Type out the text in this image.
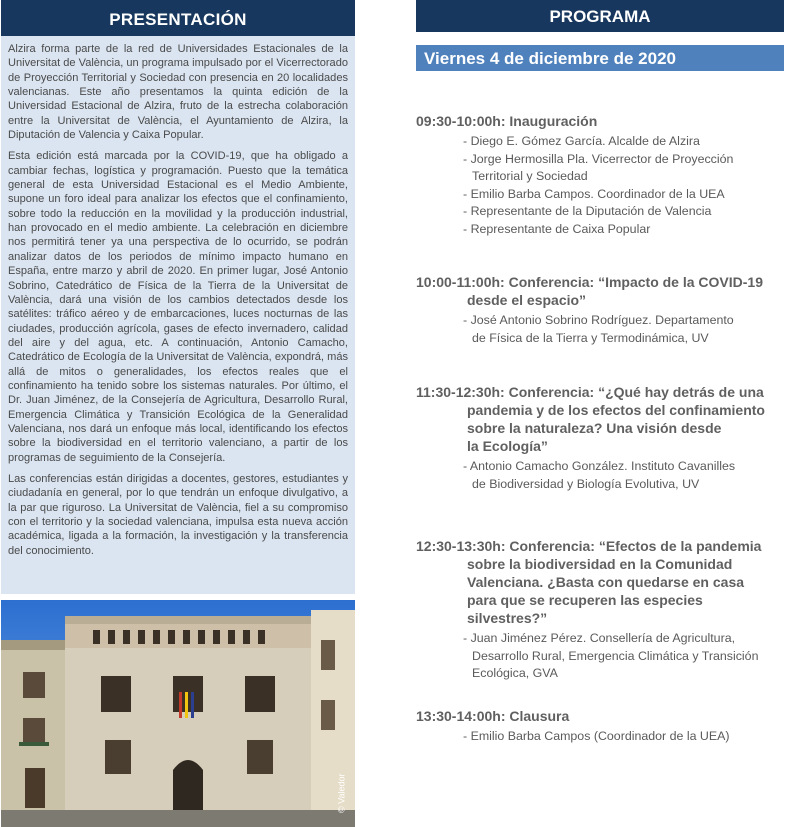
PRESENTACIÓN

Alzira forma parte de la red de Universidades Estacionales de la Universitat de València, un programa impulsado por el Vicerrectorado de Proyección Territorial y Sociedad con presencia en 20 localidades valencianas. Este año presentamos la quinta edición de la Universidad Estacional de Alzira, fruto de la estrecha colaboración entre la Universitat de València, el Ayuntamiento de Alzira, la Diputación de Valencia y Caixa Popular.

Esta edición está marcada por la COVID-19, que ha obligado a cambiar fechas, logística y programación. Puesto que la temática general de esta Universidad Estacional es el Medio Ambiente, supone un foro ideal para analizar los efectos que el confinamiento, sobre todo la reducción en la movilidad y la producción industrial, han provocado en el medio ambiente. La celebración en diciembre nos permitirá tener ya una perspectiva de lo ocurrido, se podrán analizar datos de los periodos de mínimo impacto humano en España, entre marzo y abril de 2020. En primer lugar, José Antonio Sobrino, Catedrático de Física de la Tierra de la Universitat de València, dará una visión de los cambios detectados desde los satélites: tráfico aéreo y de embarcaciones, luces nocturnas de las ciudades, producción agrícola, gases de efecto invernadero, calidad del aire y del agua, etc. A continuación, Antonio Camacho, Catedrático de Ecología de la Universitat de València, expondrá, más allá de mitos o generalidades, los efectos reales que el confinamiento ha tenido sobre los sistemas naturales. Por último, el Dr. Juan Jiménez, de la Consejería de Agricultura, Desarrollo Rural, Emergencia Climática y Transición Ecológica de la Generalidad Valenciana, nos dará un enfoque más local, identificando los efectos sobre la biodiversidad en el territorio valenciano, a partir de los programas de seguimiento de la Consejería.

Las conferencias están dirigidas a docentes, gestores, estudiantes y ciudadanía en general, por lo que tendrán un enfoque divulgativo, a la par que riguroso. La Universitat de València, fiel a su compromiso con el territorio y la sociedad valenciana, impulsa esta nueva acción académica, ligada a la formación, la investigación y la transferencia del conocimiento.

© Valedor
PROGRAMA
Viernes 4 de diciembre de 2020
09:30-10:00h: Inauguración
- Diego E. Gómez García. Alcalde de Alzira
- Jorge Hermosilla Pla. Vicerrector de Proyección
Territorial y Sociedad
- Emilio Barba Campos. Coordinador de la UEA
- Representante de la Diputación de Valencia
- Representante de Caixa Popular
10:00-11:00h: Conferencia: “Impacto de la COVID-19
desde el espacio”
- José Antonio Sobrino Rodríguez. Departamento
de Física de la Tierra y Termodinámica, UV
11:30-12:30h: Conferencia: “¿Qué hay detrás de una
pandemia y de los efectos del confinamiento
sobre la naturaleza? Una visión desde
la Ecología”
- Antonio Camacho González. Instituto Cavanilles
de Biodiversidad y Biología Evolutiva, UV
12:30-13:30h: Conferencia: “Efectos de la pandemia
sobre la biodiversidad en la Comunidad
Valenciana. ¿Basta con quedarse en casa
para que se recuperen las especies silvestres?”
- Juan Jiménez Pérez. Consellería de Agricultura,
Desarrollo Rural, Emergencia Climática y Transición
Ecológica, GVA
13:30-14:00h: Clausura
- Emilio Barba Campos (Coordinador de la UEA)
